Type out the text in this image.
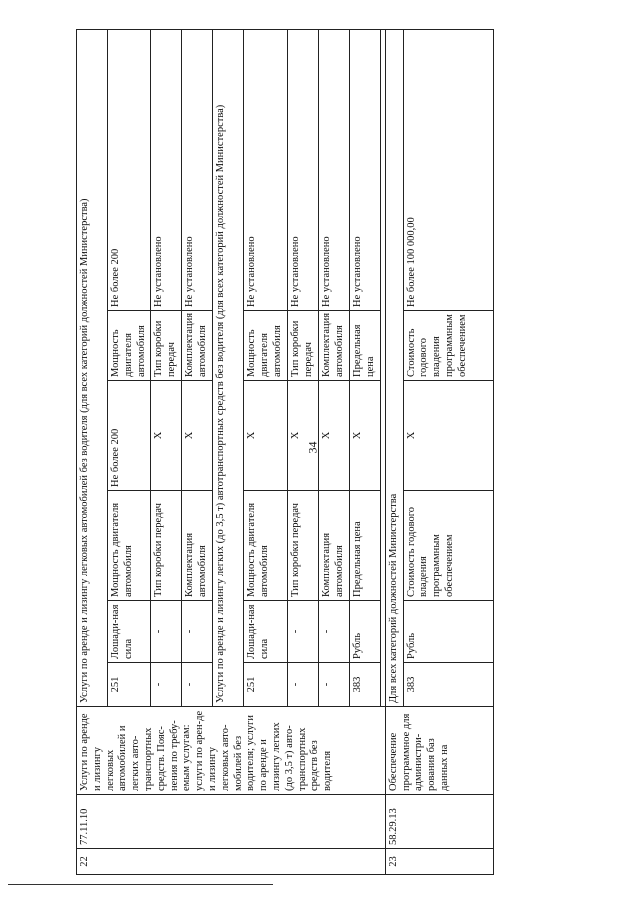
34
22	77.11.10	Услуги по аренде и лизингу легковых автомобилей и легких авто-транспортных средств. Пояс-нения по требу-емым услугам: услуги по арен-де и лизингу легковых авто-мобилей без водителя; услуги по аренде и лизингу легких (до 3,5 т) авто-транспортных средств без водителя	Услуги по аренде и лизингу легковых автомобилей без водителя (для всех категорий должностей Министерства)					
			251	Лошади-ная сила	Мощность двигателя автомобиля	Не более 200	Мощность двигателя автомобиля	Не более 200
			-	-	Тип коробки передач	Х	Тип коробки передач	Не установлено
			-	-	Комплектация автомобиля	Х	Комплектация автомобиля	Не установлено
			Услуги по аренде и лизингу легких (до 3,5 т) автотранспортных средств без водителя (для всех категорий должностей Министерства)					
			251	Лошади-ная сила	Мощность двигателя автомобиля	Х	Мощность двигателя автомобиля	Не установлено
			-	-	Тип коробки передач	Х	Тип коробки передач	Не установлено
			-	-	Комплектация автомобиля	Х	Комплектация автомобиля	Не установлено
			383	Рубль	Предельная цена	Х	Предельная цена	Не установлено

23	58.29.13	Обеспечение программное для администри-рования баз данных на	Для всех категорий должностей Министерства					
			383	Рубль	Стоимость годового владения программным обеспечением	Х	Стоимость годового владения программным обеспечением	Не более 100 000,00
